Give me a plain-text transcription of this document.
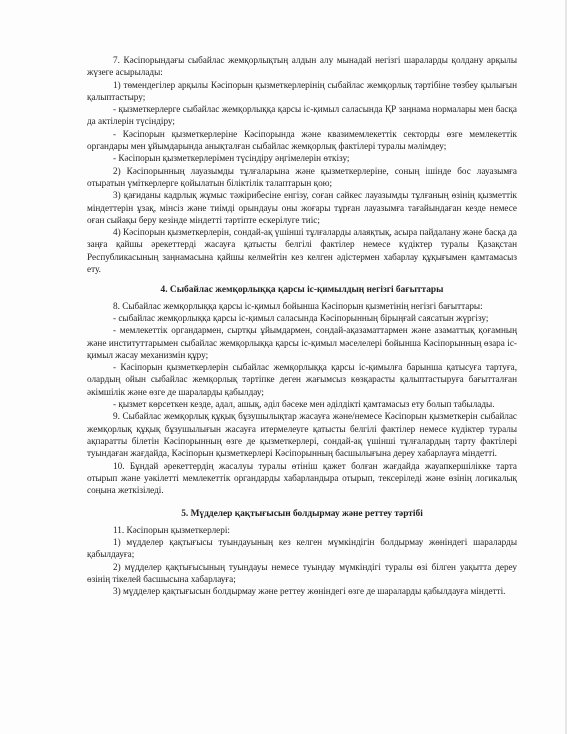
7. Кәсіпорындағы сыбайлас жемқорлықтың алдын алу мынадай негізгі шараларды қолдану арқылы жүзеге асырылады:

1) төмендегілер арқылы Кәсіпорын қызметкерлерінің сыбайлас жемқорлық тәртібіне төзбеу қылығын қалыптастыру;

- қызметкерлерге сыбайлас жемқорлыққа қарсы іс-қимыл саласында ҚР заңнама нормалары мен басқа да актілерін түсіндіру;

- Кәсіпорын қызметкерлеріне Кәсіпорында және квазимемлекеттік секторды өзге мемлекеттік органдары мен ұйымдарында анықталған сыбайлас жемқорлық фактілері туралы мәлімдеу;

- Кәсіпорын қызметкерлерімен түсіндіру әңгімелерін өткізу;

2) Кәсіпорынның лауазымды тұлғаларына және қызметкерлеріне, соның ішінде бос лауазымға отыратын үміткерлерге қойылатын біліктілік талаптарын қою;

3) қағиданы кадрлық жұмыс тәжірибесіне енгізу, соған сәйкес лауазымды тұлғаның өзінің қызметтік міндеттерін ұзақ, мінсіз және тиімді орындауы оны жоғары тұрған лауазымға тағайындаған кезде немесе оған сыйақы беру кезінде міндетті тәртіпте ескерілуге тиіс;

4) Кәсіпорын қызметкерлерін, сондай-ақ үшінші тұлғаларды алаяқтық, асыра пайдалану және басқа да заңға қайшы әрекеттерді жасауға қатысты белгілі фактілер немесе күдіктер туралы Қазақстан Республикасының заңнамасына қайшы келмейтін кез келген әдістермен хабарлау құқығымен қамтамасыз ету.

4. Сыбайлас жемқорлыққа қарсы іс-қимылдың негізгі бағыттары

8. Сыбайлас жемқорлыққа қарсы іс-қимыл бойынша Кәсіпорын қызметінің негізгі бағыттары:

- сыбайлас жемқорлыққа қарсы іс-қимыл саласында Кәсіпорынның бірыңғай саясатын жүргізу;

- мемлекеттік органдармен, сыртқы ұйымдармен, сондай-ақазаматтармен және азаматтық қоғамның және институттарымен сыбайлас жемқорлыққа қарсы іс-қимыл мәселелері бойынша Кәсіпорынның өзара іс-қимыл жасау механизмін құру;

- Кәсіпорын қызметкерлерін сыбайлас жемқорлыққа қарсы іс-қимылға барынша қатысуға тартуға, олардың ойын сыбайлас жемқорлық тәртіпке деген жағымсыз көзқарасты қалыптастыруға бағытталған әкімшілік және өзге де шараларды қабылдау;

- қызмет көрсеткен кезде, адал, ашық, әділ бәсеке мен әділдікті қамтамасыз ету болып табылады.

9. Сыбайлас жемқорлық құқық бұзушылықтар жасауға және/немесе Кәсіпорын қызметкерін сыбайлас жемқорлық құқық бұзушылығын жасауға итермелеуге қатысты белгілі фактілер немесе күдіктер туралы ақпаратты білетін Кәсіпорынның өзге де қызметкерлері, сондай-ақ үшінші тұлғалардың тарту фактілері туындаған жағдайда, Кәсіпорын қызметкерлері Кәсіпорынның басшылығына дереу хабарлауға міндетті.

10. Бұндай әрекеттердің жасалуы туралы өтініш қажет болған жағдайда жауапкершілікке тарта отырып және уәкілетті мемлекеттік органдарды хабарландыра отырып, тексеріледі және өзінің логикалық соңына жеткізіледі.

5. Мүдделер қақтығысын болдырмау және реттеу тәртібі

11. Кәсіпорын қызметкерлері:

1) мүдделер қақтығысы туындауының кез келген мүмкіндігін болдырмау жөніндегі шараларды қабылдауға;

2) мүдделер қақтығысының туындауы немесе туындау мүмкіндігі туралы өзі білген уақытта дереу өзінің тікелей басшысына хабарлауға;

3) мүдделер қақтығысын болдырмау және реттеу жөніндегі өзге де шараларды қабылдауға міндетті.
